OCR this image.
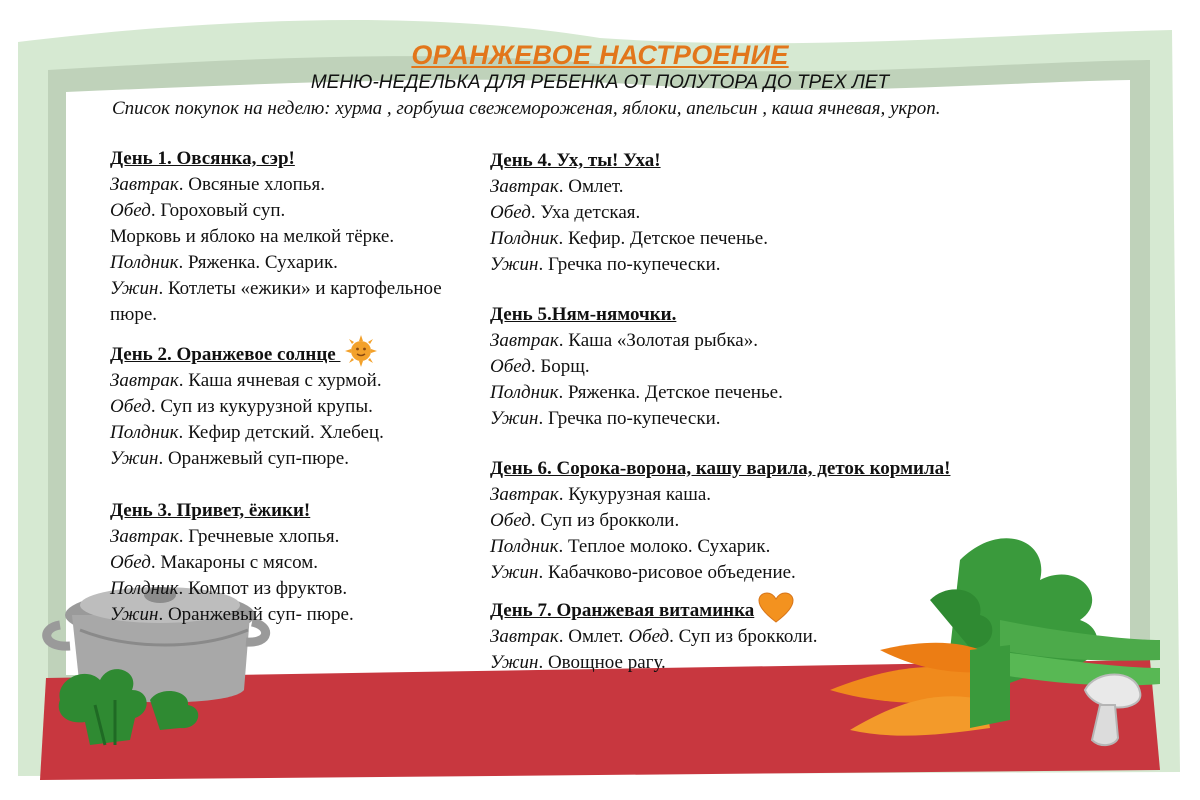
ОРАНЖЕВОЕ НАСТРОЕНИЕ
МЕНЮ-НЕДЕЛЬКА ДЛЯ РЕБЕНКА ОТ ПОЛУТОРА ДО ТРЕХ ЛЕТ
Список покупок на неделю: хурма , горбуша свежемороженая, яблоки, апельсин , каша ячневая, укроп.
День 1. Овсянка, сэр!
Завтрак. Овсяные хлопья.
Обед. Гороховый суп.
Морковь и яблоко на мелкой тёрке.
Полдник. Ряженка. Сухарик.
Ужин. Котлеты «ежики» и картофельное пюре.
День 2. Оранжевое солнце
Завтрак. Каша ячневая с хурмой.
Обед. Суп из кукурузной крупы.
Полдник. Кефир детский. Хлебец.
Ужин. Оранжевый суп-пюре.
День 3. Привет, ёжики!
Завтрак. Гречневые хлопья.
Обед. Макароны с мясом.
Полдник. Компот из фруктов.
Ужин. Оранжевый суп- пюре.
День 4. Ух, ты! Уха!
Завтрак. Омлет.
Обед. Уха детская.
Полдник. Кефир. Детское печенье.
Ужин. Гречка по-купечески.
День 5.Ням-нямочки.
Завтрак. Каша «Золотая рыбка».
Обед. Борщ.
Полдник. Ряженка. Детское печенье.
Ужин. Гречка по-купечески.
День 6. Сорока-ворона, кашу варила, деток кормила!
Завтрак. Кукурузная каша.
Обед. Суп из брокколи.
Полдник. Теплое молоко. Сухарик.
Ужин. Кабачково-рисовое объедение.
День 7. Оранжевая витаминка
Завтрак. Омлет. Обед. Суп из брокколи.
Ужин. Овощное рагу.
